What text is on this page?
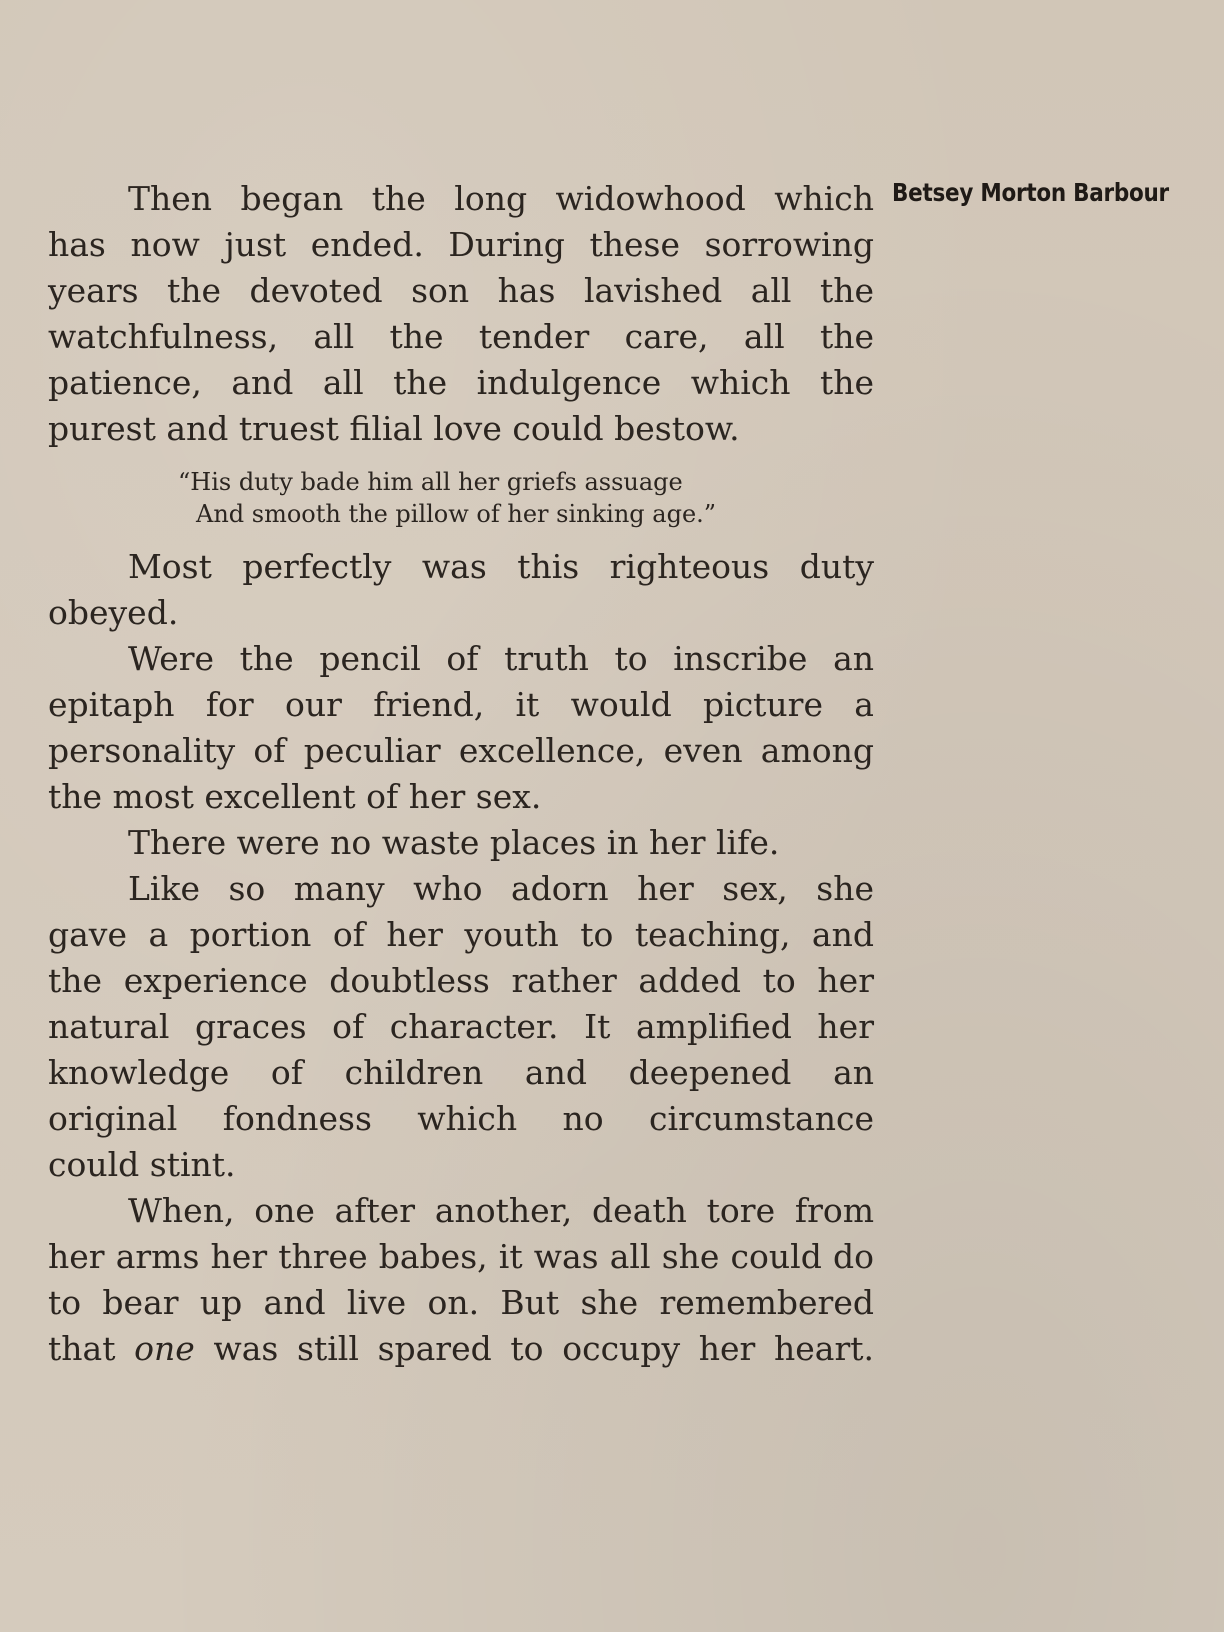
Betsey Morton Barbour
Then began the long widowhood which
has now just ended. During these sorrowing
years the devoted son has lavished all the
watchfulness, all the tender care, all the
patience, and all the indulgence which the
purest and truest filial love could bestow.
“His duty bade him all her griefs assuage
And smooth the pillow of her sinking age.”
Most perfectly was this righteous duty
obeyed.
Were the pencil of truth to inscribe an
epitaph for our friend, it would picture a
personality of peculiar excellence, even among
the most excellent of her sex.
There were no waste places in her life.
Like so many who adorn her sex, she
gave a portion of her youth to teaching, and
the experience doubtless rather added to her
natural graces of character. It amplified her
knowledge of children and deepened an
original fondness which no circumstance
could stint.
When, one after another, death tore from
her arms her three babes, it was all she could do
to bear up and live on. But she remembered
that one was still spared to occupy her heart.
